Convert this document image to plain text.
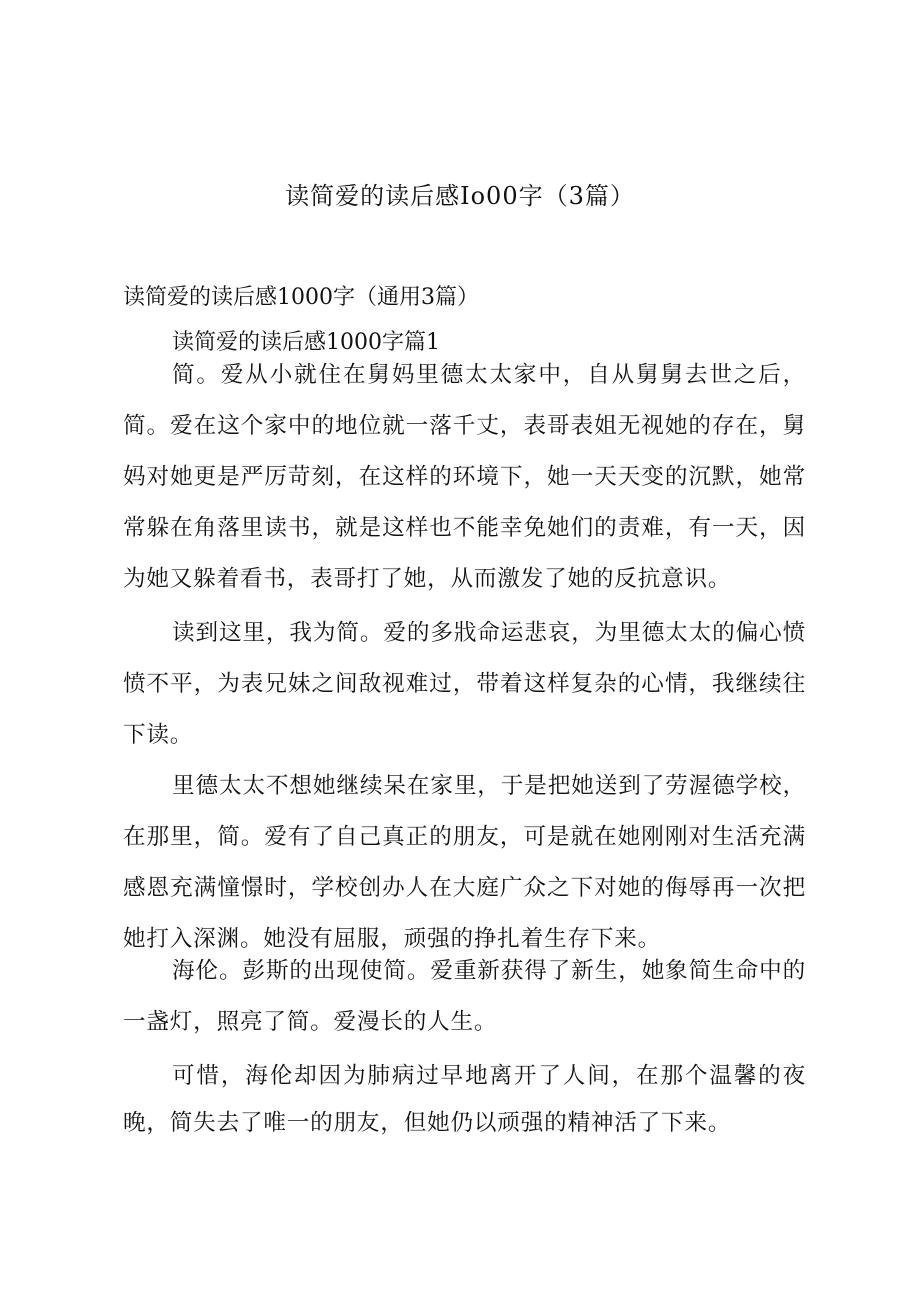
读简爱的读后感Io00字（3篇）
读简爱的读后感1000字（通用3篇）
读简爱的读后感1000字篇1

简。爱从小就住在舅妈里德太太家中，自从舅舅去世之后，简。爱在这个家中的地位就一落千丈，表哥表姐无视她的存在，舅妈对她更是严厉苛刻，在这样的环境下，她一天天变的沉默，她常常躲在角落里读书，就是这样也不能幸免她们的责难，有一天，因为她又躲着看书，表哥打了她，从而激发了她的反抗意识。

读到这里，我为简。爱的多戕命运悲哀，为里德太太的偏心愤愤不平，为表兄妹之间敌视难过，带着这样复杂的心情，我继续往下读。

里德太太不想她继续呆在家里，于是把她送到了劳渥德学校，在那里，简。爱有了自己真正的朋友，可是就在她刚刚对生活充满感恩充满憧憬时，学校创办人在大庭广众之下对她的侮辱再一次把她打入深渊。她没有屈服，顽强的挣扎着生存下来。

海伦。彭斯的出现使简。爱重新获得了新生，她象简生命中的一盏灯，照亮了简。爱漫长的人生。

可惜，海伦却因为肺病过早地离开了人间，在那个温馨的夜晚，简失去了唯一的朋友，但她仍以顽强的精神活了下来。
